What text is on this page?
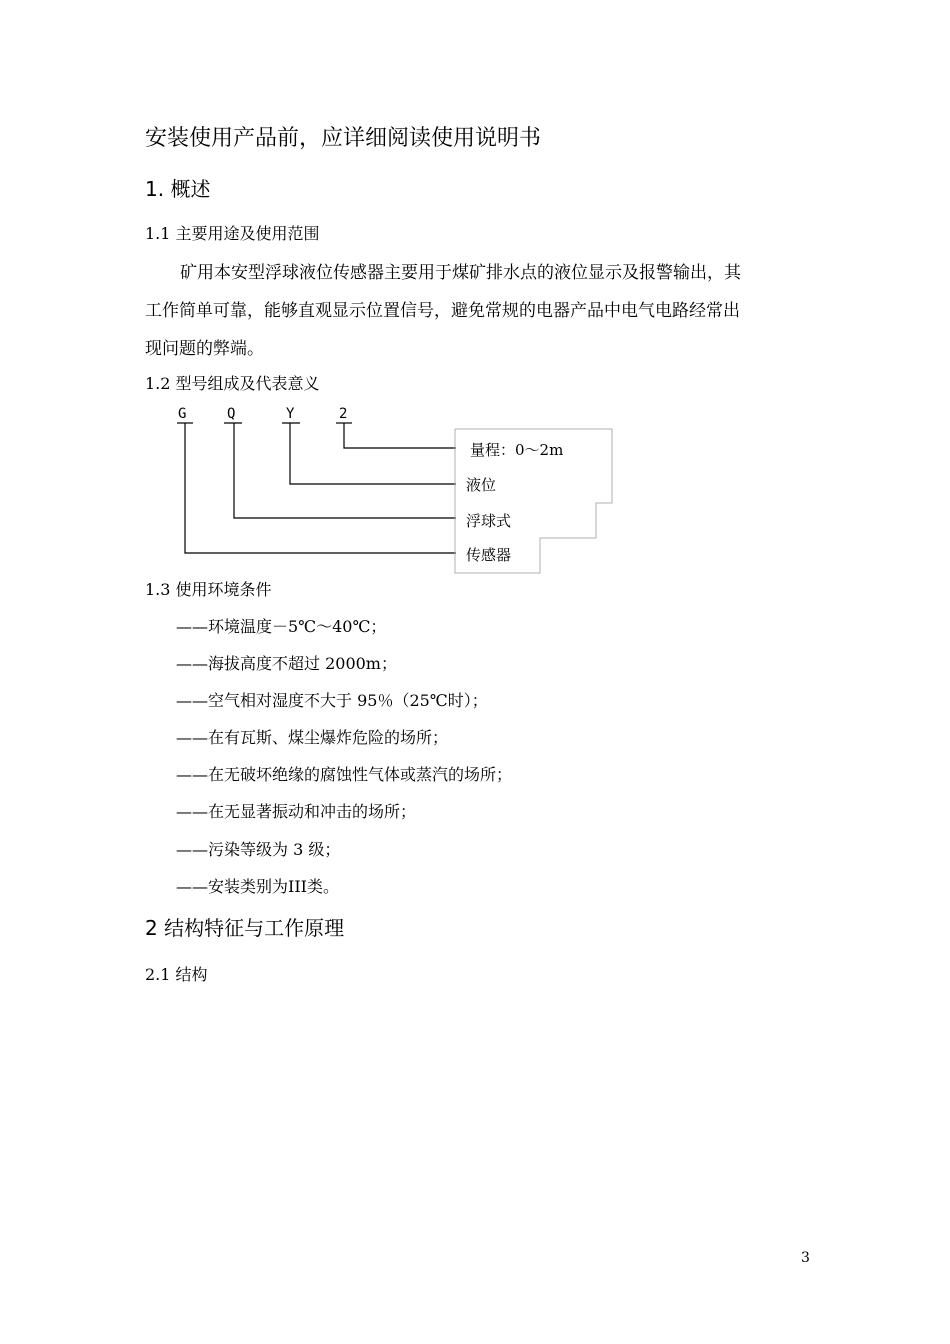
安装使用产品前，应详细阅读使用说明书
1. 概述
1.1 主要用途及使用范围
矿用本安型浮球液位传感器主要用于煤矿排水点的液位显示及报警输出，其
工作简单可靠，能够直观显示位置信号，避免常规的电器产品中电气电路经常出
现问题的弊端。
1.2 型号组成及代表意义
G	Q	Y	2
量程：0～2m
液位
浮球式
传感器
1.3 使用环境条件
——环境温度－5℃～40℃；
——海拔高度不超过 2000m；
——空气相对湿度不大于 95％（25℃时）；
——在有瓦斯、煤尘爆炸危险的场所；
——在无破坏绝缘的腐蚀性气体或蒸汽的场所；
——在无显著振动和冲击的场所；
——污染等级为 3 级；
——安装类别为III类。
2 结构特征与工作原理
2.1 结构
3
